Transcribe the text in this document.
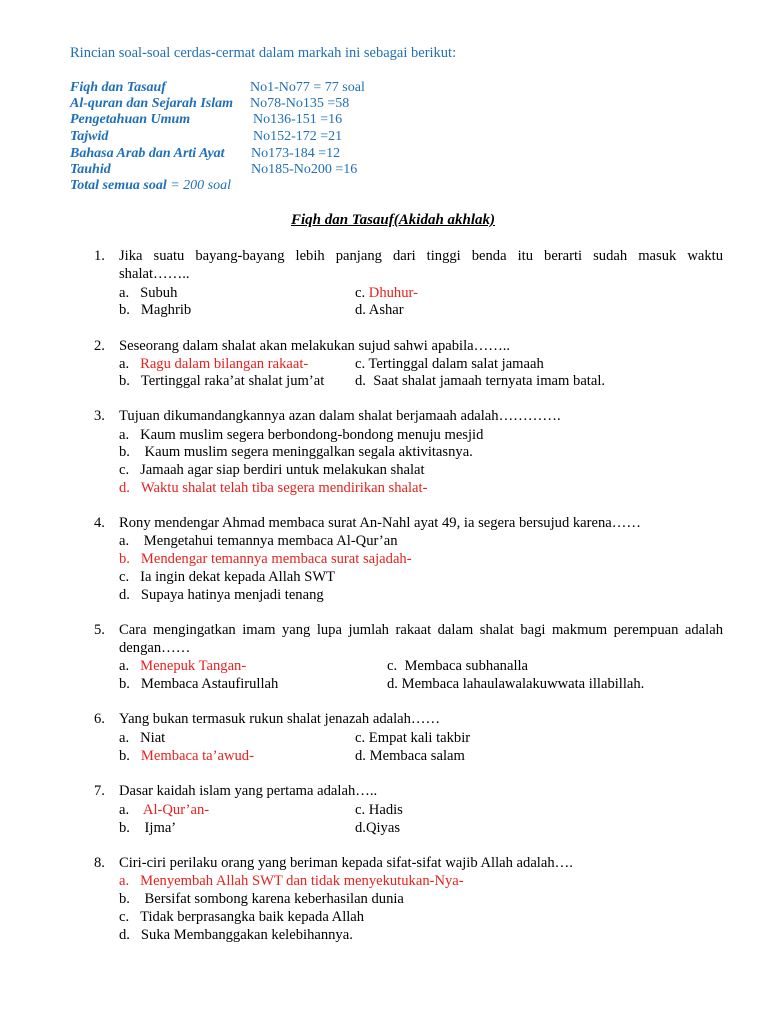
Rincian soal-soal cerdas-cermat dalam markah ini sebagai berikut:
Fiqh dan Tasauf	No1-No77 = 77 soal
Al-quran dan Sejarah Islam No78-No135 =58
Pengetahuan Umum	No136-151 =16
Tajwid	No152-172 =21
Bahasa Arab dan Arti Ayat No173-184 =12
Tauhid	No185-No200 =16
Total semua soal = 200 soal
Fiqh dan Tasauf(Akidah akhlak)
1. Jika suatu bayang-bayang lebih panjang dari tinggi benda itu berarti sudah masuk waktu
shalat……..
a. Subuh	c. Dhuhur-
b. Maghrib	d. Ashar
2. Seseorang dalam shalat akan melakukan sujud sahwi apabila……..
a. Ragu dalam bilangan rakaat-	c. Tertinggal dalam salat jamaah
b. Tertinggal raka’at shalat jum’at d. Saat shalat jamaah ternyata imam batal.
3. Tujuan dikumandangkannya azan dalam shalat berjamaah adalah………….
a. Kaum muslim segera berbondong-bondong menuju mesjid
b. Kaum muslim segera meninggalkan segala aktivitasnya.
c. Jamaah agar siap berdiri untuk melakukan shalat
d. Waktu shalat telah tiba segera mendirikan shalat-
4. Rony mendengar Ahmad membaca surat An-Nahl ayat 49, ia segera bersujud karena……
a.    Mengetahui temannya membaca Al-Qur’an
b. Mendengar temannya membaca surat sajadah-
c. Ia ingin dekat kepada Allah SWT
d. Supaya hatinya menjadi tenang
5. Cara mengingatkan imam yang lupa jumlah rakaat dalam shalat bagi makmum perempuan adalah
dengan……
a. Menepuk Tangan-	c. Membaca subhanalla
b. Membaca Astaufirullah	d. Membaca lahaulawalakuwwata illabillah.
6. Yang bukan termasuk rukun shalat jenazah adalah……
a. Niat	c. Empat kali takbir
b. Membaca ta’awud-	d. Membaca salam
7. Dasar kaidah islam yang pertama adalah…..
a.    Al-Qur’an-	c. Hadis
b.    Ijma’	d.Qiyas
8. Ciri-ciri perilaku orang yang beriman kepada sifat-sifat wajib Allah adalah….
a. Menyembah Allah SWT dan tidak menyekutukan-Nya-
b.    Bersifat sombong karena keberhasilan dunia
c. Tidak berprasangka baik kepada Allah
d. Suka Membanggakan kelebihannya.
